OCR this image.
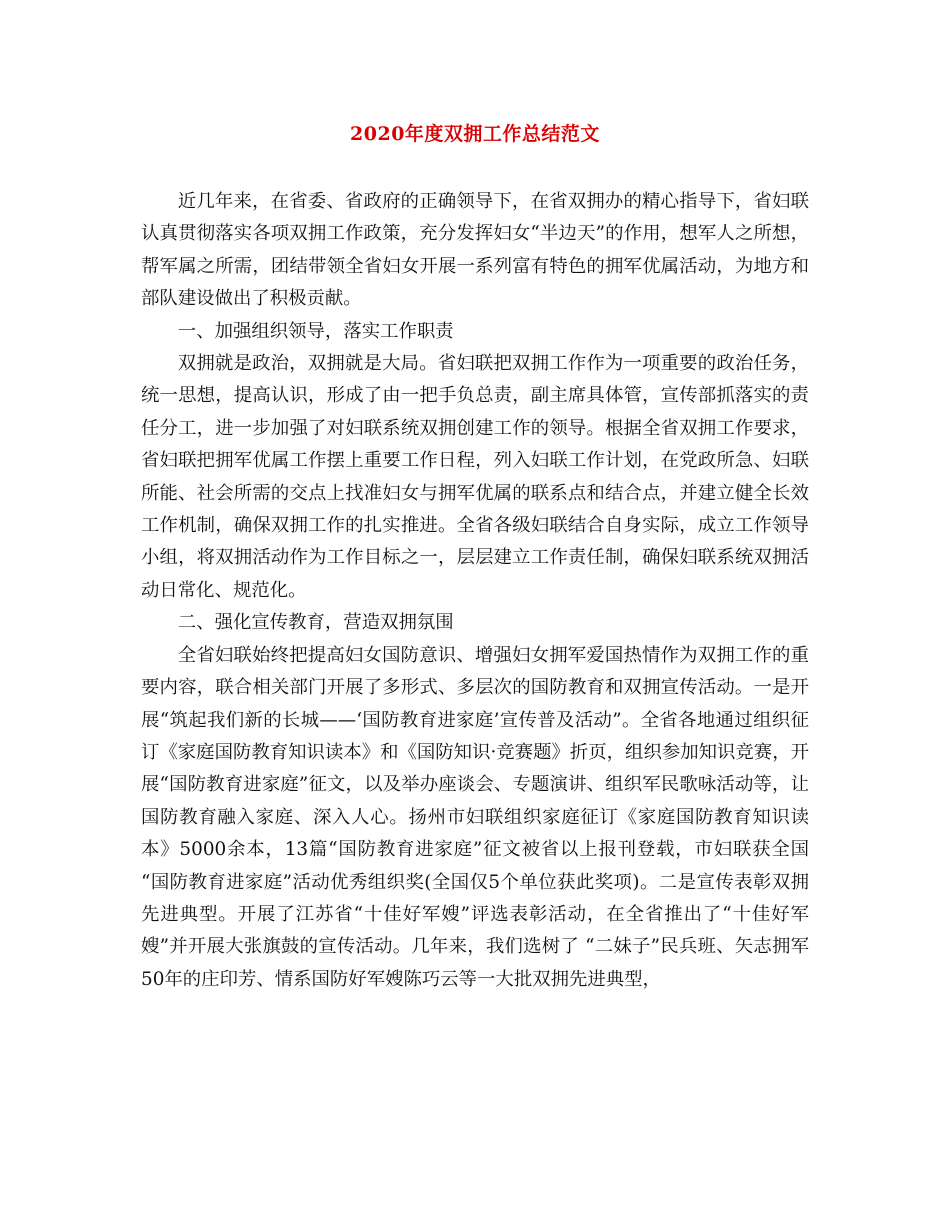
2020年度双拥工作总结范文

近几年来，在省委、省政府的正确领导下，在省双拥办的精心指导下，省妇联认真贯彻落实各项双拥工作政策，充分发挥妇女“半边天”的作用，想军人之所想，帮军属之所需，团结带领全省妇女开展一系列富有特色的拥军优属活动，为地方和部队建设做出了积极贡献。

一、加强组织领导，落实工作职责

双拥就是政治，双拥就是大局。省妇联把双拥工作作为一项重要的政治任务，统一思想，提高认识，形成了由一把手负总责，副主席具体管，宣传部抓落实的责任分工，进一步加强了对妇联系统双拥创建工作的领导。根据全省双拥工作要求，省妇联把拥军优属工作摆上重要工作日程，列入妇联工作计划，在党政所急、妇联所能、社会所需的交点上找准妇女与拥军优属的联系点和结合点，并建立健全长效工作机制，确保双拥工作的扎实推进。全省各级妇联结合自身实际，成立工作领导小组，将双拥活动作为工作目标之一，层层建立工作责任制，确保妇联系统双拥活动日常化、规范化。

二、强化宣传教育，营造双拥氛围

全省妇联始终把提高妇女国防意识、增强妇女拥军爱国热情作为双拥工作的重要内容，联合相关部门开展了多形式、多层次的国防教育和双拥宣传活动。一是开展“筑起我们新的长城——‘国防教育进家庭’宣传普及活动”。全省各地通过组织征订《家庭国防教育知识读本》和《国防知识·竞赛题》折页，组织参加知识竞赛，开展“国防教育进家庭”征文，以及举办座谈会、专题演讲、组织军民歌咏活动等，让国防教育融入家庭、深入人心。扬州市妇联组织家庭征订《家庭国防教育知识读本》5000余本，13篇“国防教育进家庭”征文被省以上报刊登载，市妇联获全国 “国防教育进家庭”活动优秀组织奖(全国仅5个单位获此奖项)。二是宣传表彰双拥先进典型。开展了江苏省“十佳好军嫂”评选表彰活动，在全省推出了“十佳好军嫂”并开展大张旗鼓的宣传活动。几年来，我们选树了 “二妹子”民兵班、矢志拥军50年的庄印芳、情系国防好军嫂陈巧云等一大批双拥先进典型，
